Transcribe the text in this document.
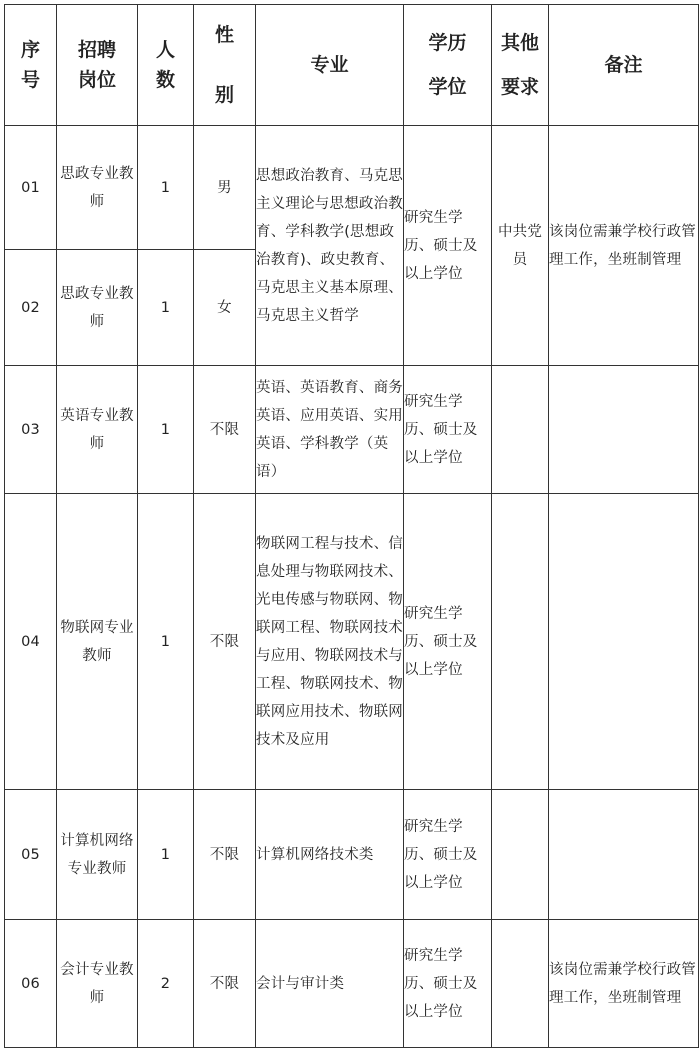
序号	招聘岗位	人数	性别	专业	学历学位	其他要求	备注
01	思政专业教师	1	男	思想政治教育、马克思主义理论与思想政治教育、学科教学(思想政治教育)、政史教育、马克思主义基本原理、马克思主义哲学	研究生学历、硕士及以上学位	中共党员	该岗位需兼学校行政管理工作，坐班制管理

02	思政专业教师	1	女				
03	英语专业教师	1	不限	英语、英语教育、商务英语、应用英语、实用英语、学科教学（英语）	研究生学历、硕士及以上学位		

04	物联网专业教师	1	不限	物联网工程与技术、信息处理与物联网技术、光电传感与物联网、物联网工程、物联网技术与应用、物联网技术与工程、物联网技术、物联网应用技术、物联网技术及应用	研究生学历、硕士及以上学位		

05	计算机网络专业教师	1	不限	计算机网络技术类	研究生学历、硕士及以上学位		

06	会计专业教师	2	不限	会计与审计类	研究生学历、硕士及以上学位		该岗位需兼学校行政管理工作，坐班制管理
